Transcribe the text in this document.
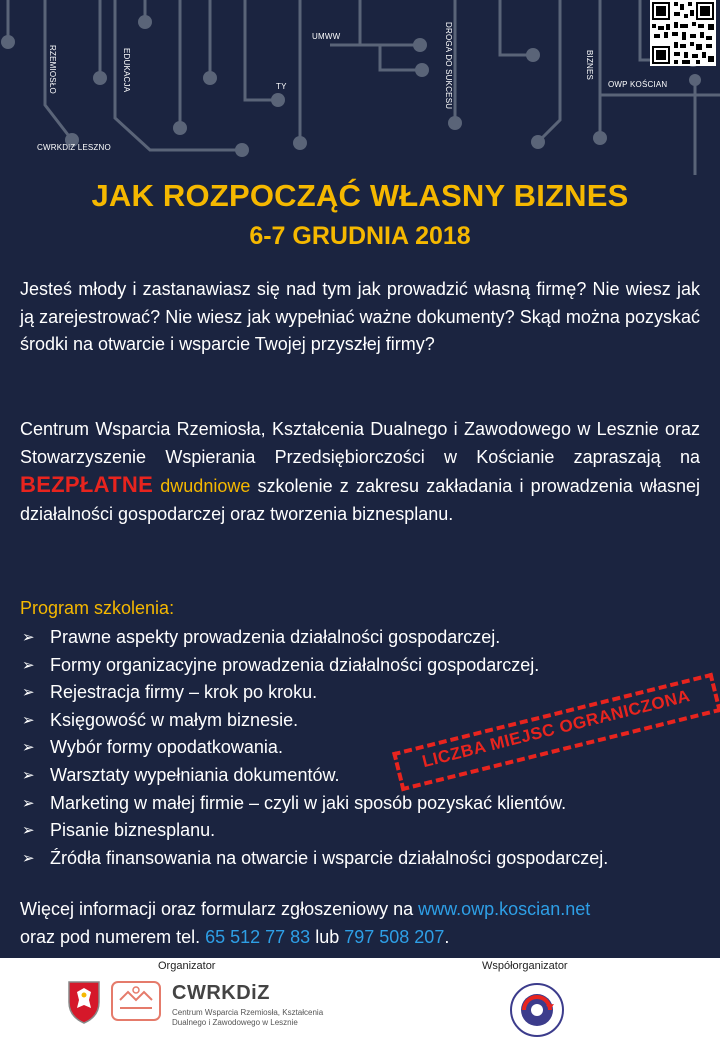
CWRKDiZ LESZNO
RZEMIOSŁO	EDUKACJA
UMWW
TY	DROGA DO SUKCESU	BIZNES
OWP KOŚCIAN
JAK ROZPOCZĄĆ WŁASNY BIZNES
6-7 GRUDNIA 2018
Jesteś młody i zastanawiasz się nad tym jak prowadzić własną firmę? Nie wiesz jak ją zarejestrować? Nie wiesz jak wypełniać ważne dokumenty? Skąd można pozyskać środki na otwarcie i wsparcie Twojej przyszłej firmy?
Centrum Wsparcia Rzemiosła, Kształcenia Dualnego i Zawodowego w Lesznie oraz Stowarzyszenie Wspierania Przedsiębiorczości w Kościanie zapraszają na BEZPŁATNE dwudniowe szkolenie z zakresu zakładania i prowadzenia własnej działalności gospodarczej oraz tworzenia biznesplanu.
Program szkolenia:
➢ Prawne aspekty prowadzenia działalności gospodarczej.
➢ Formy organizacyjne prowadzenia działalności gospodarczej.
➢ Rejestracja firmy – krok po kroku.
➢ Księgowość w małym biznesie.
➢ Wybór formy opodatkowania.
➢ Warsztaty wypełniania dokumentów.
➢ Marketing w małej firmie – czyli w jaki sposób pozyskać klientów.
➢ Pisanie biznesplanu.
➢ Źródła finansowania na otwarcie i wsparcie działalności gospodarczej.
LICZBA MIEJSC OGRANICZONA
Więcej informacji oraz formularz zgłoszeniowy na www.owp.koscian.net
oraz pod numerem tel. 65 512 77 83 lub 797 508 207.
Organizator	Współorganizator
CWRKDiZ
Centrum Wsparcia Rzemiosła, Kształcenia Dualnego i Zawodowego w Lesznie
